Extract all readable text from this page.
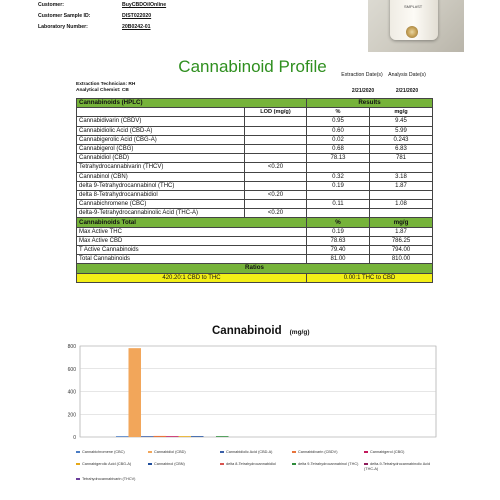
Customer:	BuyCBDOilOnline
Customer Sample ID:	DIST022020
Laboratory Number:	20B0242-01
SMPL#ST
Cannabinoid Profile	Extraction Date(s) Analysis Date(s)
Extraction Technician: RH
Analytical Chemist: CB	2/21/2020	2/21/2020
Cannabinoids (HPLC)		Results	
	LOD (mg/g)	%	mg/g
Cannabidivarin (CBDV)		0.95	9.45
Cannabidiolic Acid (CBD-A)		0.60	5.99
Cannabigerolic Acid (CBG-A)		0.02	0.243
Cannabigerol (CBG)		0.68	6.83
Cannabidiol (CBD)		78.13	781
Tetrahydrocannabivarin (THCV)	<0.20		
Cannabinol (CBN)		0.32	3.18
delta 9-Tetrahydrocannabinol (THC)		0.19	1.87
delta 8-Tetrahydrocannabidiol	<0.20		
Cannabichromene (CBC)		0.11	1.08
delta-9-Tetrahydrocannabinolic Acid (THC-A)	<0.20		
Cannabinoids Total		%	mg/g
Max Active THC		0.19	1.87
Max Active CBD		78.63	786.25
T Active Cannabinoids		79.40	794.00
Total Cannabinoids		81.00	810.00
Ratios			
420.20:1 CBD to THC		0.00:1 THC to CBD	
Cannabinoid (mg/g)
0
200
400
600
800
Cannabichromene (CBC)	Cannabidiol (CBD)	Cannabidiolic Acid (CBD-A)	Cannabidivarin (CBDV)	Cannabigerol (CBG)
Cannabigerolic Acid (CBG-A)	Cannabinol (CBN)	delta 8-Tetrahydrocannabidiol	delta 9-Tetrahydrocannabinol (THC)	delta-9-Tetrahydrocannabinolic Acid (THC-A)
Tetrahydrocannabivarin (THCV)
